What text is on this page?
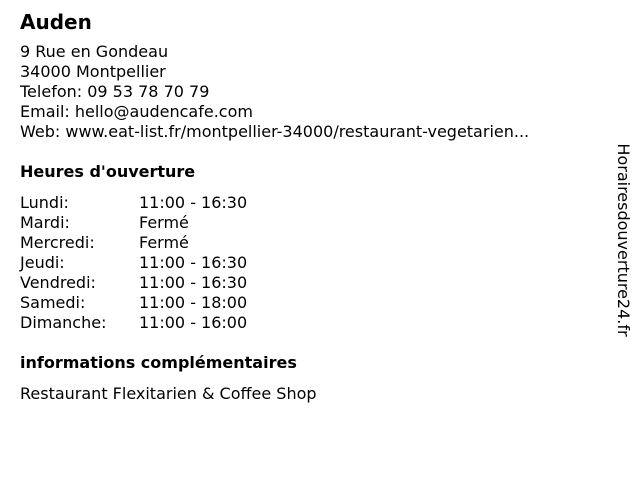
Auden
9 Rue en Gondeau
34000 Montpellier
Telefon: 09 53 78 70 79
Email: hello@audencafe.com
Web: www.eat-list.fr/montpellier-34000/restaurant-vegetarien...
Heures d'ouverture
Lundi:	11:00 - 16:30
Mardi:	Fermé
Mercredi:	Fermé
Jeudi:	11:00 - 16:30
Vendredi:	11:00 - 16:30
Samedi:	11:00 - 18:00
Dimanche:	11:00 - 16:00
informations complémentaires
Restaurant Flexitarien & Coffee Shop
Horairesdouverture24.fr
